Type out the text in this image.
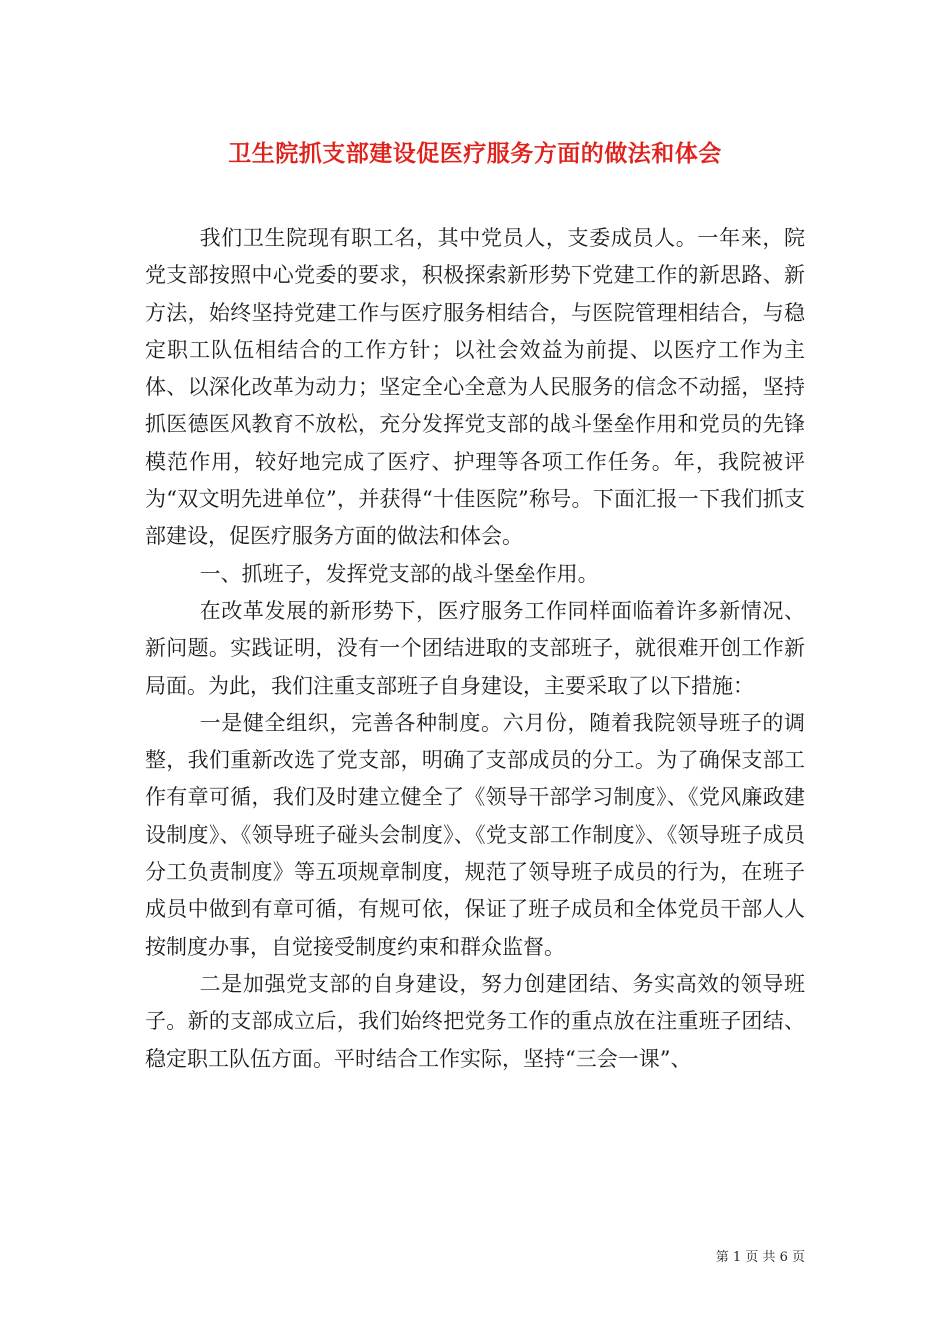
卫生院抓支部建设促医疗服务方面的做法和体会

我们卫生院现有职工名，其中党员人，支委成员人。一年来，院党支部按照中心党委的要求，积极探索新形势下党建工作的新思路、新方法，始终坚持党建工作与医疗服务相结合，与医院管理相结合，与稳定职工队伍相结合的工作方针；以社会效益为前提、以医疗工作为主体、以深化改革为动力；坚定全心全意为人民服务的信念不动摇，坚持抓医德医风教育不放松，充分发挥党支部的战斗堡垒作用和党员的先锋模范作用，较好地完成了医疗、护理等各项工作任务。年，我院被评为“双文明先进单位”，并获得“十佳医院”称号。下面汇报一下我们抓支部建设，促医疗服务方面的做法和体会。

一、抓班子，发挥党支部的战斗堡垒作用。

在改革发展的新形势下，医疗服务工作同样面临着许多新情况、新问题。实践证明，没有一个团结进取的支部班子，就很难开创工作新局面。为此，我们注重支部班子自身建设，主要采取了以下措施：

一是健全组织，完善各种制度。六月份，随着我院领导班子的调整，我们重新改选了党支部，明确了支部成员的分工。为了确保支部工作有章可循，我们及时建立健全了《领导干部学习制度》、《党风廉政建设制度》、《领导班子碰头会制度》、《党支部工作制度》、《领导班子成员分工负责制度》等五项规章制度，规范了领导班子成员的行为，在班子成员中做到有章可循，有规可依，保证了班子成员和全体党员干部人人按制度办事，自觉接受制度约束和群众监督。

二是加强党支部的自身建设，努力创建团结、务实高效的领导班子。新的支部成立后，我们始终把党务工作的重点放在注重班子团结、稳定职工队伍方面。平时结合工作实际，坚持“三会一课”、

第 1 页 共 6 页
